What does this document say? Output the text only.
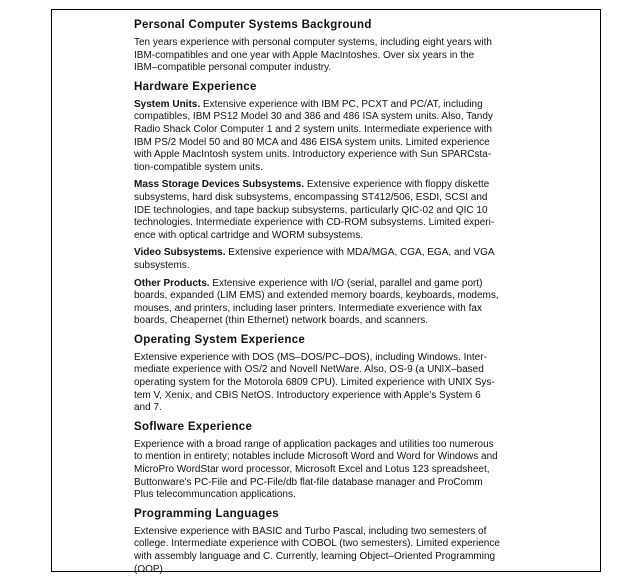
Personal Computer Systems Background
Ten years experience with personal computer systems, including eight years with
IBM-compatibles and one year with Apple MacIntoshes. Over six years in the
IBM–compatible personal computer industry.
Hardware Experience
System Units. Extensive experience with IBM PC, PCXT and PC/AT, including
compatibles, IBM PS12 Model 30 and 386 and 486 ISA system units. Also, Tandy
Radio Shack Color Computer 1 and 2 system units. Intermediate experience with
IBM PS/2 Model 50 and 80 MCA and 486 EISA system units. Limited experience
with Apple MacIntosh system units. Introductory experience with Sun SPARCsta-
tion-compatible system units.
Mass Storage Devices Subsystems. Extensive experience with floppy diskette
subsystems, hard disk subsystems, encompassing ST412/506, ESDI, SCSI and
IDE technologies, and tape backup subsystems, particularly QIC-02 and QIC 10
technologies. Intermediate experience with CD-ROM subsystems. Limited experi-
ence with optical cartridge and WORM subsystems.
Video Subsystems. Extensive experience with MDA/MGA, CGA, EGA, and VGA
subsystems.
Other Products. Extensive experience with I/O (serial, parallel and game port)
boards, expanded (LIM EMS) and extended memory boards, keyboards, modems,
mouses, and printers, including laser printers. Intermediate exverience with fax
boards, Cheapernet (thin Ethernet) network boards, and scanners.
Operating System Experience
Extensive experience with DOS (MS–DOS/PC–DOS), including Windows. Inter-
mediate experience with OS/2 and Novell NetWare. Also, OS-9 (a UNIX–based
operating system for the Motorola 6809 CPU). Limited experience with UNIX Sys-
tem V, Xenix, and CBIS NetOS. Introductory experience with Apple's System 6
and 7.
Soflware Experience
Experience with a broad range of application packages and utilities too numerous
to mention in entirety; notables include Microsoft Word and Word for Windows and
MicroPro WordStar word processor, Microsoft Excel and Lotus 123 spreadsheet,
Buttonware's PC-File and PC-File/db flat-file database manager and ProComm
Plus telecommuncation applications.
Programming Languages
Extensive experience with BASIC and Turbo Pascal, including two semesters of
college. Intermediate experience with COBOL (two semesters). Limited experience
with assembly language and C. Currently, learning Object–Oriented Programming
(OOP).
